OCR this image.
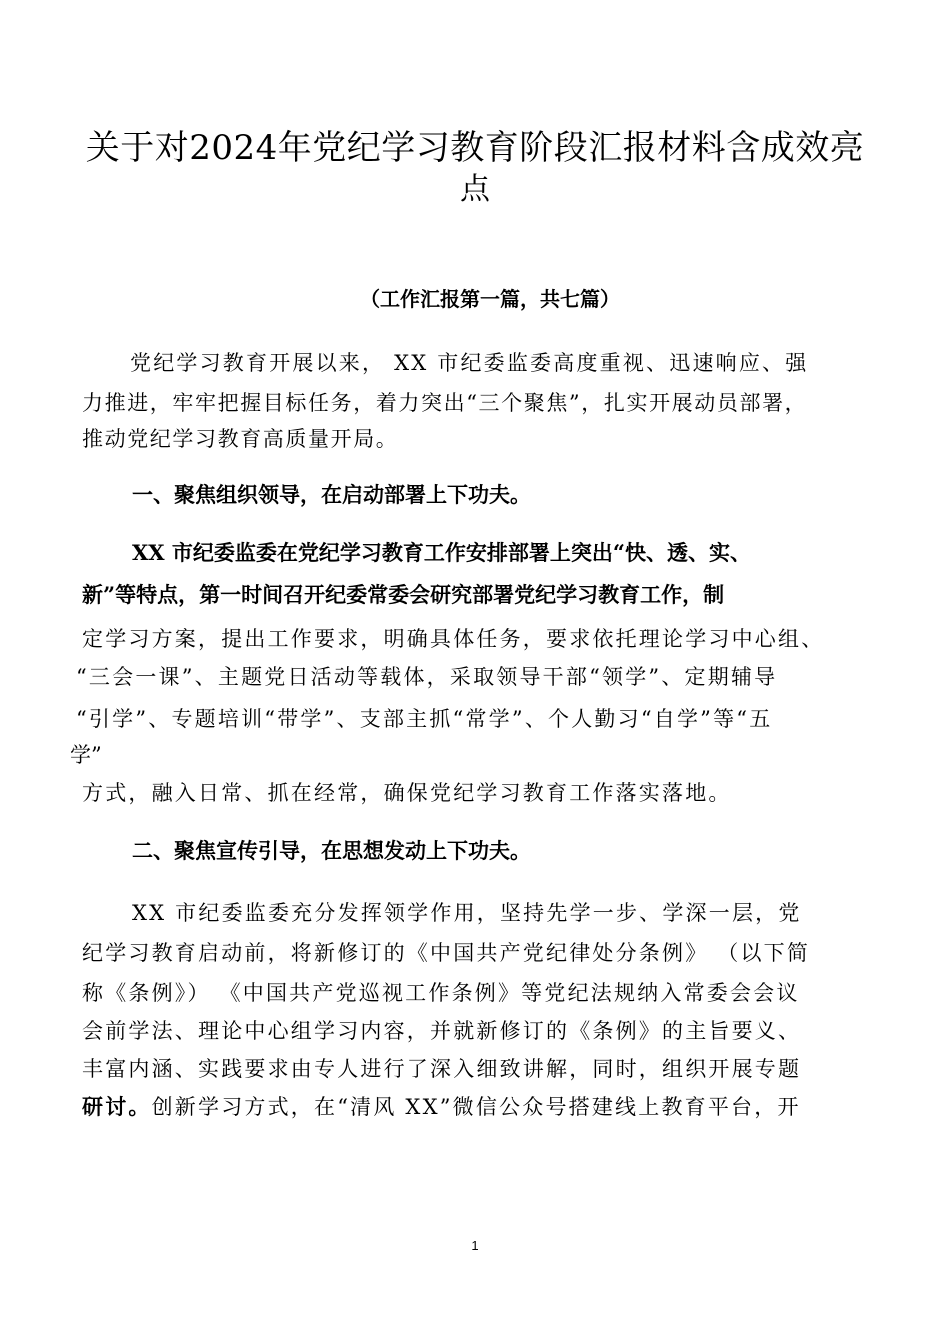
关于对2024年党纪学习教育阶段汇报材料含成效亮
点
（工作汇报第一篇，共七篇）
党纪学习教育开展以来， XX 市纪委监委高度重视、迅速响应、强
力推进，牢牢把握目标任务，着力突出“三个聚焦”，扎实开展动员部署，
推动党纪学习教育高质量开局。
一、聚焦组织领导，在启动部署上下功夫。
XX 市纪委监委在党纪学习教育工作安排部署上突出“快、透、实、
新”等特点，第一时间召开纪委常委会研究部署党纪学习教育工作，制
定学习方案，提出工作要求，明确具体任务，要求依托理论学习中心组、
“三会一课”、主题党日活动等载体，采取领导干部“领学”、定期辅导
“引学”、专题培训“带学”、支部主抓“常学”、个人勤习“自学”等“五
学”
方式，融入日常、抓在经常，确保党纪学习教育工作落实落地。
二、聚焦宣传引导，在思想发动上下功夫。
XX 市纪委监委充分发挥领学作用，坚持先学一步、学深一层，党
纪学习教育启动前，将新修订的《中国共产党纪律处分条例》 （以下简
称《条例》） 《中国共产党巡视工作条例》等党纪法规纳入常委会会议
会前学法、理论中心组学习内容，并就新修订的《条例》的主旨要义、
丰富内涵、实践要求由专人进行了深入细致讲解，同时，组织开展专题
研讨。创新学习方式，在“清风 XX”微信公众号搭建线上教育平台，开
1
